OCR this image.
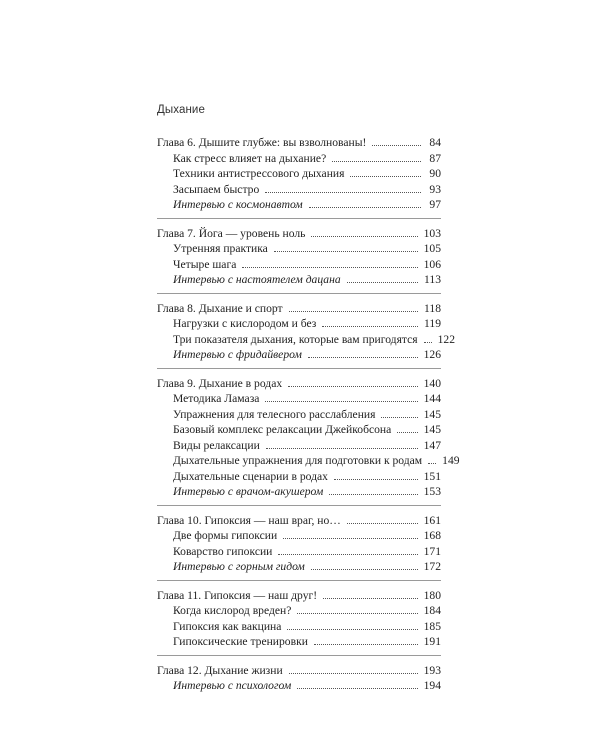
Дыхание
Глава 6. Дышите глубже: вы взволнованы!	84
Как стресс влияет на дыхание?	87
Техники антистрессового дыхания	90
Засыпаем быстро	93
Интервью с космонавтом	97
Глава 7. Йога — уровень ноль	103
Утренняя практика	105
Четыре шага	106
Интервью с настоятелем дацана	113
Глава 8. Дыхание и спорт	118
Нагрузки с кислородом и без	119
Три показателя дыхания, которые вам пригодятся 122
Интервью с фридайвером	126
Глава 9. Дыхание в родах	140
Методика Ламаза	144
Упражнения для телесного расслабления	145
Базовый комплекс релаксации Джейкобсона	145
Виды релаксации	147
Дыхательные упражнения для подготовки к родам 149
Дыхательные сценарии в родах	151
Интервью с врачом-акушером	153
Глава 10. Гипоксия — наш враг, но…	161
Две формы гипоксии	168
Коварство гипоксии	171
Интервью с горным гидом	172
Глава 11. Гипоксия — наш друг!	180
Когда кислород вреден?	184
Гипоксия как вакцина	185
Гипоксические тренировки	191
Глава 12. Дыхание жизни	193
Интервью с психологом	194
